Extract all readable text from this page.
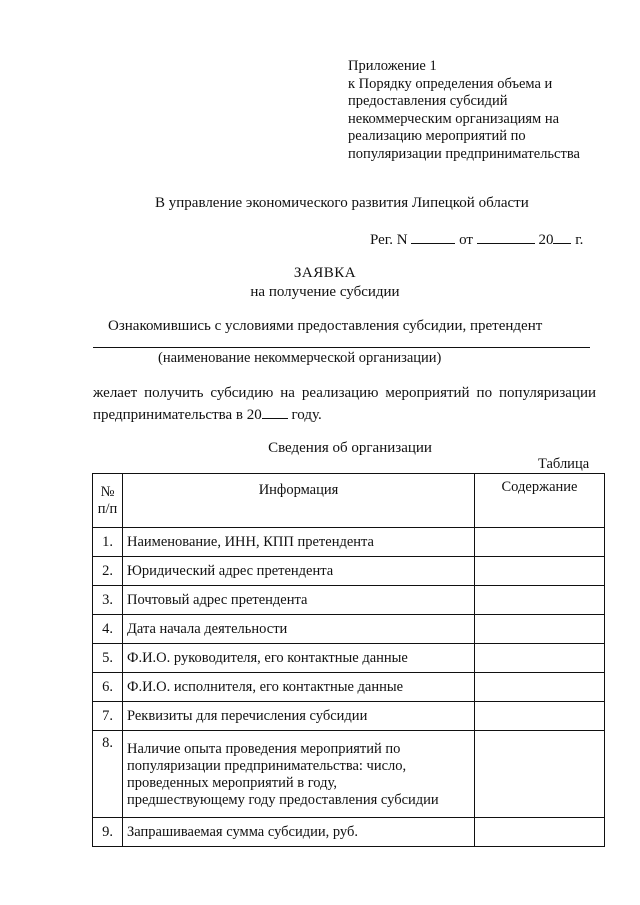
Приложение 1
к Порядку определения объема и
предоставления субсидий
некоммерческим организациям на
реализацию мероприятий по
популяризации предпринимательства
В управление экономического развития Липецкой области
Рег. N	от	20 г.
ЗАЯВКА
на получение субсидии
Ознакомившись с условиями предоставления субсидии, претендент
(наименование некоммерческой организации)
желает получить субсидию на реализацию мероприятий по популяризации
предпринимательства в 20 году.
Сведения об организации
Таблица
№
п/п	Информация	Содержание
1.	Наименование, ИНН, КПП претендента	
2.	Юридический адрес претендента	
3.	Почтовый адрес претендента	
4.	Дата начала деятельности	
5.	Ф.И.О. руководителя, его контактные данные	
6.	Ф.И.О. исполнителя, его контактные данные	
7.	Реквизиты для перечисления субсидии	
8.	Наличие опыта проведения мероприятий по
популяризации предпринимательства: число,
проведенных мероприятий в году,
предшествующему году предоставления субсидии	

9.	Запрашиваемая сумма субсидии, руб.	
